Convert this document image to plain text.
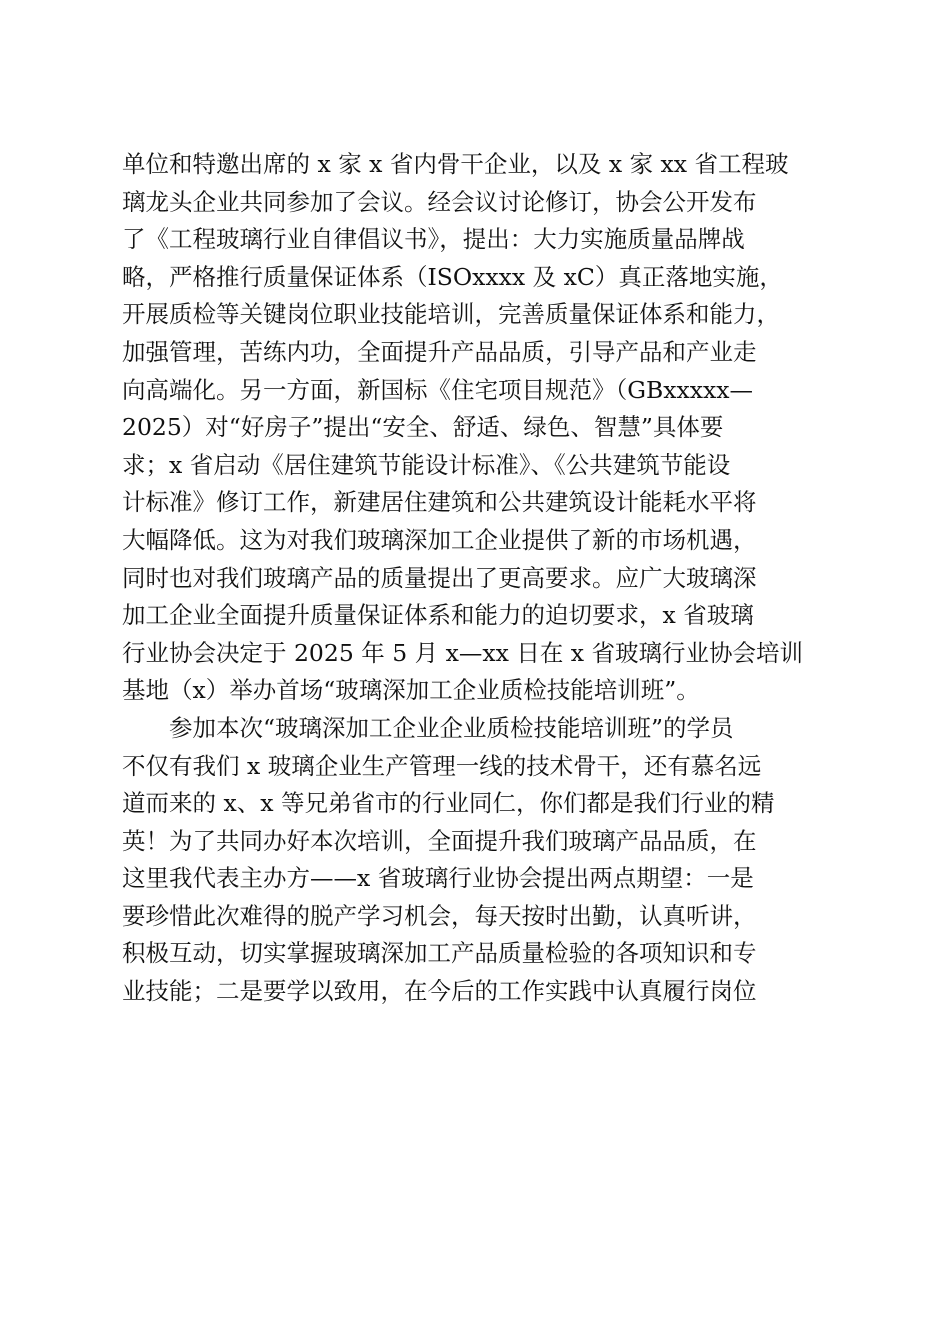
单位和特邀出席的 x 家 x 省内骨干企业，以及 x 家 xx 省工程玻
璃龙头企业共同参加了会议。经会议讨论修订，协会公开发布
了《工程玻璃行业自律倡议书》，提出：大力实施质量品牌战
略，严格推行质量保证体系（ISOxxxx 及 xC）真正落地实施，
开展质检等关键岗位职业技能培训，完善质量保证体系和能力，
加强管理，苦练内功，全面提升产品品质，引导产品和产业走
向高端化。另一方面，新国标《住宅项目规范》（GBxxxxx—
2025）对“好房子”提出“安全、舒适、绿色、智慧”具体要
求；x 省启动《居住建筑节能设计标准》、《公共建筑节能设
计标准》修订工作，新建居住建筑和公共建筑设计能耗水平将
大幅降低。这为对我们玻璃深加工企业提供了新的市场机遇，
同时也对我们玻璃产品的质量提出了更高要求。应广大玻璃深
加工企业全面提升质量保证体系和能力的迫切要求，x 省玻璃
行业协会决定于 2025 年 5 月 x—xx 日在 x 省玻璃行业协会培训
基地（x）举办首场“玻璃深加工企业质检技能培训班”。
参加本次“玻璃深加工企业企业质检技能培训班”的学员
不仅有我们 x 玻璃企业生产管理一线的技术骨干，还有慕名远
道而来的 x、x 等兄弟省市的行业同仁，你们都是我们行业的精
英！为了共同办好本次培训，全面提升我们玻璃产品品质，在
这里我代表主办方——x 省玻璃行业协会提出两点期望：一是
要珍惜此次难得的脱产学习机会，每天按时出勤，认真听讲，
积极互动，切实掌握玻璃深加工产品质量检验的各项知识和专
业技能；二是要学以致用，在今后的工作实践中认真履行岗位
